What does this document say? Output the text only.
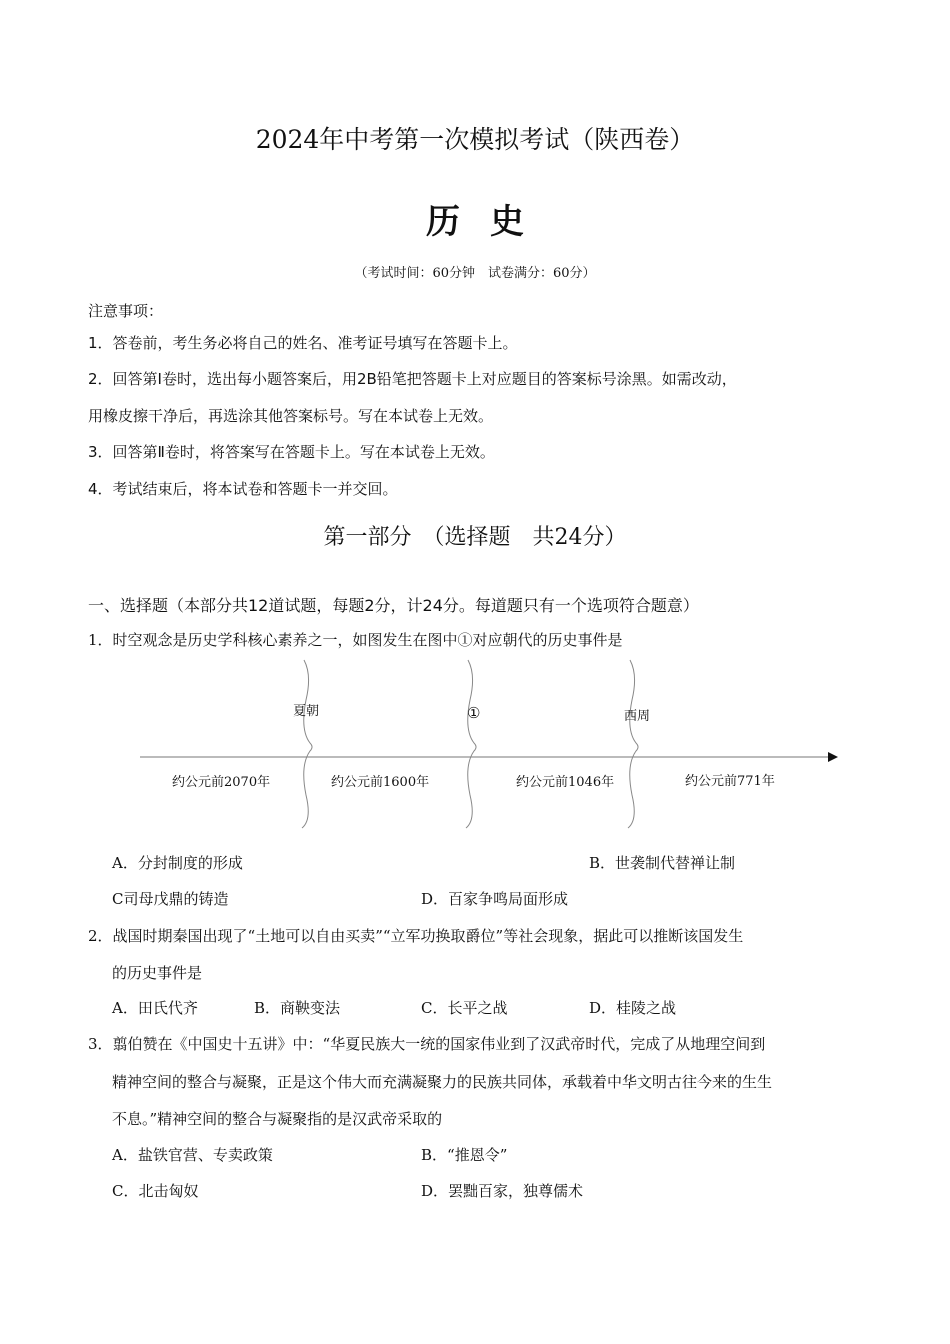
2024年中考第一次模拟考试（陕西卷）
历史
（考试时间：60分钟　试卷满分：60分）
注意事项：
1．答卷前，考生务必将自己的姓名、准考证号填写在答题卡上。
2．回答第Ⅰ卷时，选出每小题答案后，用2B铅笔把答题卡上对应题目的答案标号涂黑。如需改动，
用橡皮擦干净后，再选涂其他答案标号。写在本试卷上无效。
3．回答第Ⅱ卷时，将答案写在答题卡上。写在本试卷上无效。
4．考试结束后，将本试卷和答题卡一并交回。
第一部分　（选择题　共24分）
一、选择题（本部分共12道试题，每题2分，计24分。每道题只有一个选项符合题意）
1．时空观念是历史学科核心素养之一，如图发生在图中①对应朝代的历史事件是
夏朝	①	西周
约公元前2070年	约公元前1600年	约公元前1046年	约公元前771年
A．分封制度的形成	B．世袭制代替禅让制
C司母戊鼎的铸造	D．百家争鸣局面形成
2．战国时期秦国出现了“土地可以自由买卖”“立军功换取爵位”等社会现象，据此可以推断该国发生
的历史事件是
A．田氏代齐	B．商鞅变法	C．长平之战	D．桂陵之战
3．翦伯赞在《中国史十五讲》中：“华夏民族大一统的国家伟业到了汉武帝时代，完成了从地理空间到
精神空间的整合与凝聚，正是这个伟大而充满凝聚力的民族共同体，承载着中华文明古往今来的生生
不息。”精神空间的整合与凝聚指的是汉武帝采取的
A．盐铁官营、专卖政策	B．“推恩令”
C．北击匈奴	D．罢黜百家，独尊儒术
